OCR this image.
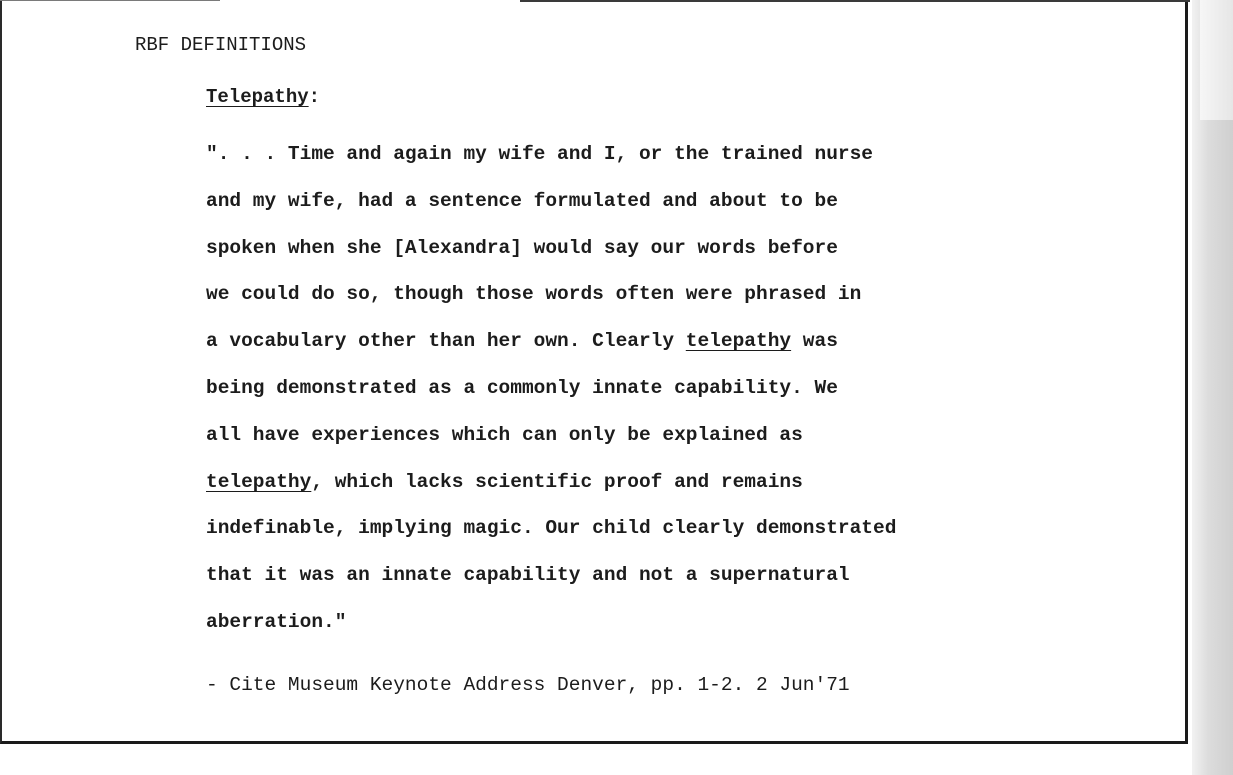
RBF DEFINITIONS
Telepathy:
". . . Time and again my wife and I, or the trained nurse
and my wife, had a sentence formulated and about to be
spoken when she [Alexandra] would say our words before
we could do so, though those words often were phrased in
a vocabulary other than her own. Clearly telepathy was
being demonstrated as a commonly innate capability. We
all have experiences which can only be explained as
telepathy, which lacks scientific proof and remains
indefinable, implying magic. Our child clearly demonstrated
that it was an innate capability and not a supernatural
aberration."
- Cite Museum Keynote Address Denver, pp. 1-2. 2 Jun'71
